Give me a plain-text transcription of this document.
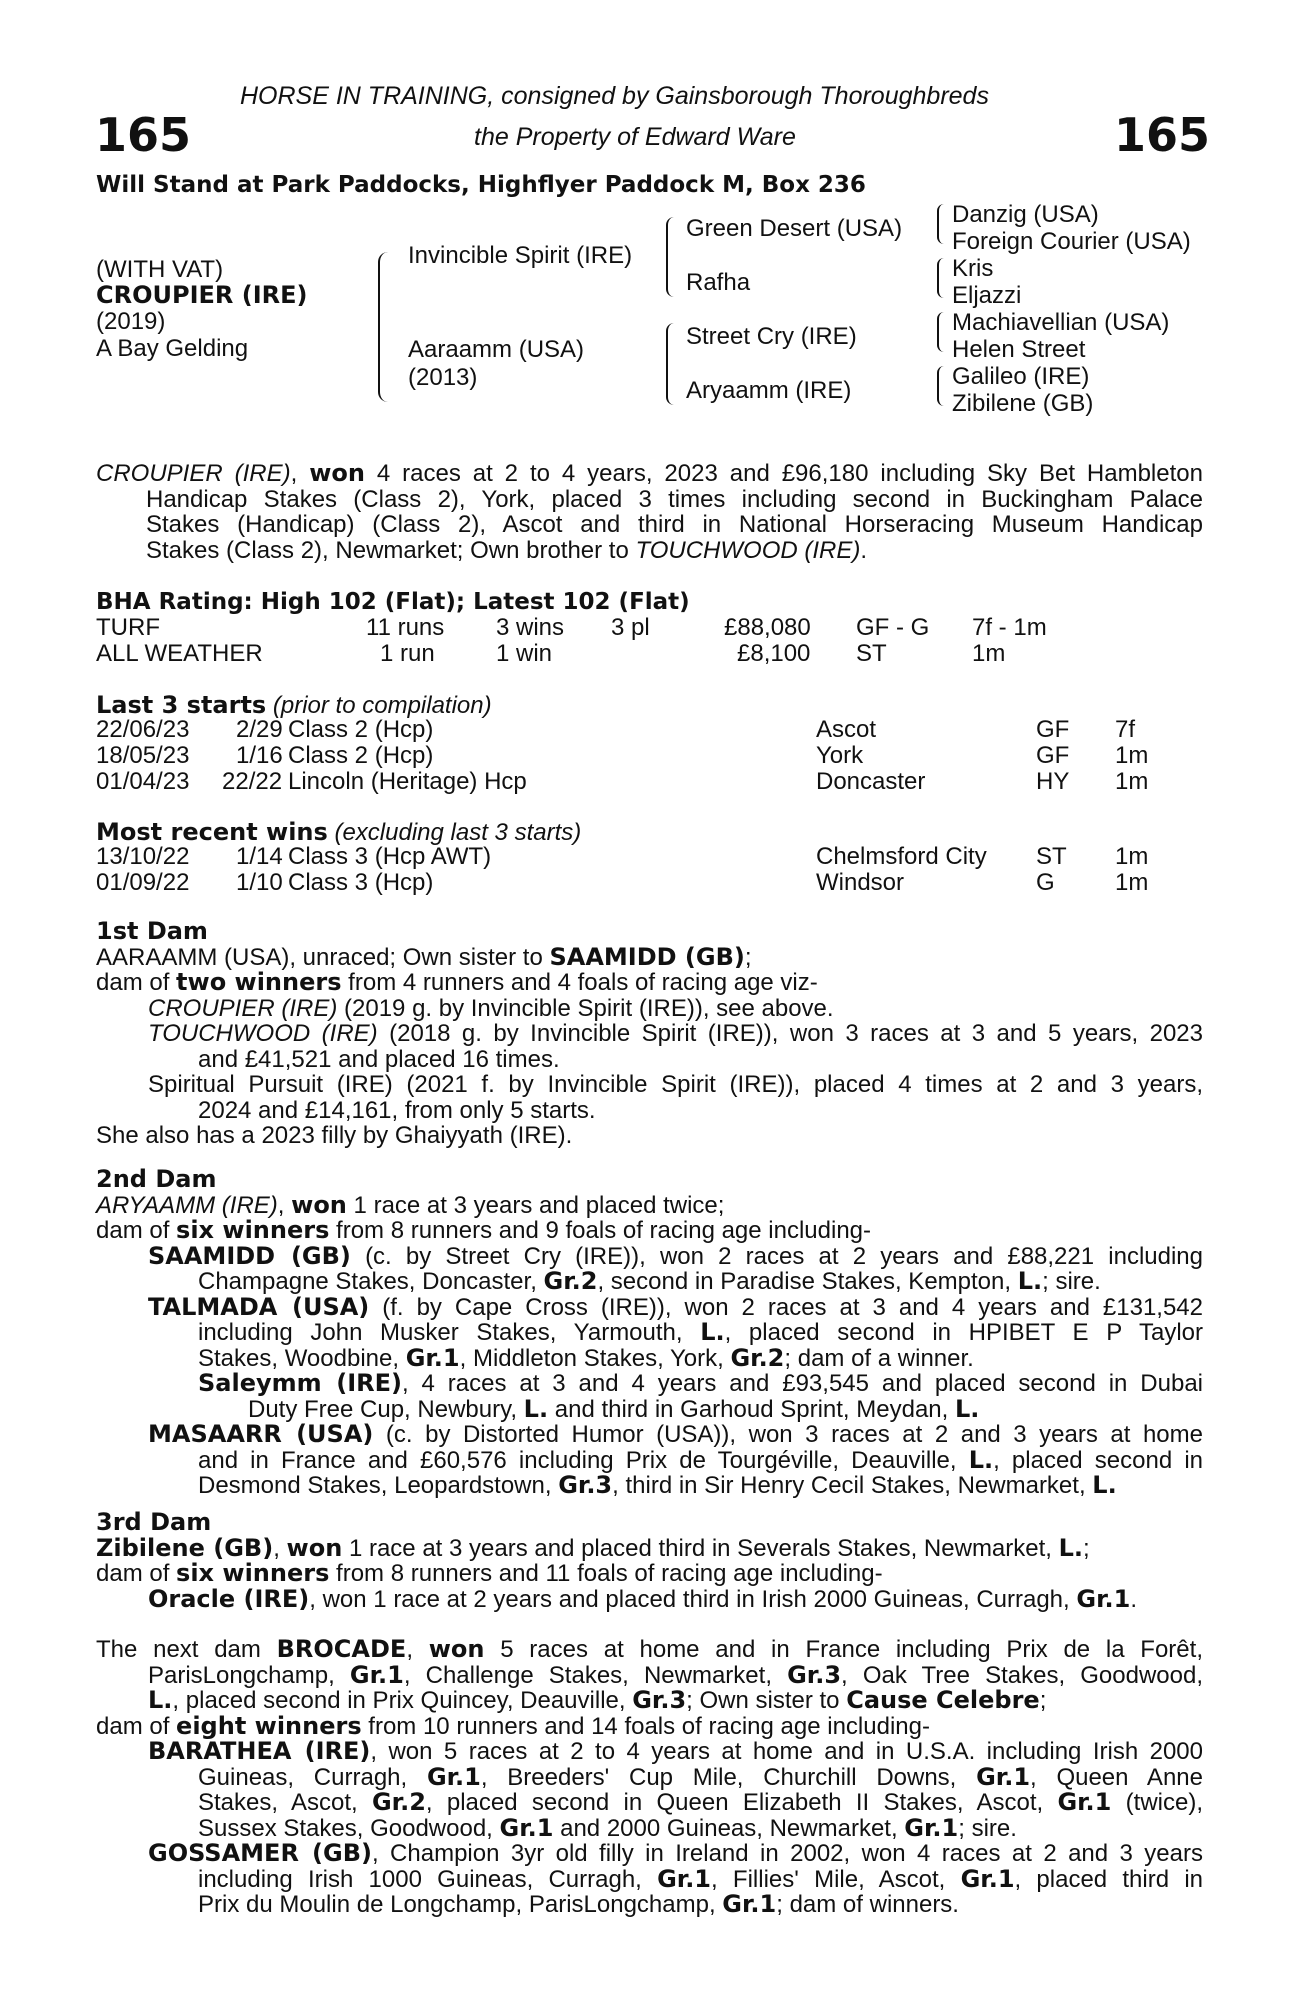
HORSE IN TRAINING, consigned by Gainsborough Thoroughbreds
165	the Property of Edward Ware	165
Will Stand at Park Paddocks, Highflyer Paddock M, Box 236
(WITH VAT)
CROUPIER (IRE)
(2019)
A Bay Gelding
Invincible Spirit (IRE)
Aaraamm (USA)
(2013)
Green Desert (USA)
Rafha
Street Cry (IRE)
Aryaamm (IRE)
Danzig (USA)
Foreign Courier (USA)
Kris
Eljazzi
Machiavellian (USA)
Helen Street
Galileo (IRE)
Zibilene (GB)
CROUPIER (IRE), won 4 races at 2 to 4 years, 2023 and £96,180 including Sky Bet Hambleton
Handicap Stakes (Class 2), York, placed 3 times including second in Buckingham Palace
Stakes (Handicap) (Class 2), Ascot and third in National Horseracing Museum Handicap
Stakes (Class 2), Newmarket; Own brother to TOUCHWOOD (IRE).
BHA Rating: High 102 (Flat); Latest 102 (Flat)
TURF	11 runs 3 wins 3 pl	£88,080 GF - G 7f - 1m
ALL WEATHER	1 run	1 win	£8,100 ST	1m
Last 3 starts (prior to compilation)
22/06/23 2/29 Class 2 (Hcp)	Ascot	GF 7f
18/05/23 1/16 Class 2 (Hcp)	York	GF 1m
01/04/23 22/22 Lincoln (Heritage) Hcp	Doncaster	HY 1m
Most recent wins (excluding last 3 starts)
13/10/22 1/14 Class 3 (Hcp AWT)	Chelmsford City ST 1m
01/09/22 1/10 Class 3 (Hcp)	Windsor	G	1m
1st Dam
AARAAMM (USA), unraced; Own sister to SAAMIDD (GB);
dam of two winners from 4 runners and 4 foals of racing age viz-
CROUPIER (IRE) (2019 g. by Invincible Spirit (IRE)), see above.
TOUCHWOOD (IRE) (2018 g. by Invincible Spirit (IRE)), won 3 races at 3 and 5 years, 2023
and £41,521 and placed 16 times.
Spiritual Pursuit (IRE) (2021 f. by Invincible Spirit (IRE)), placed 4 times at 2 and 3 years,
2024 and £14,161, from only 5 starts.
She also has a 2023 filly by Ghaiyyath (IRE).
2nd Dam
ARYAAMM (IRE), won 1 race at 3 years and placed twice;
dam of six winners from 8 runners and 9 foals of racing age including-
SAAMIDD (GB) (c. by Street Cry (IRE)), won 2 races at 2 years and £88,221 including
Champagne Stakes, Doncaster, Gr.2, second in Paradise Stakes, Kempton, L.; sire.
TALMADA (USA) (f. by Cape Cross (IRE)), won 2 races at 3 and 4 years and £131,542
including John Musker Stakes, Yarmouth, L., placed second in HPIBET E P Taylor
Stakes, Woodbine, Gr.1, Middleton Stakes, York, Gr.2; dam of a winner.
Saleymm (IRE), 4 races at 3 and 4 years and £93,545 and placed second in Dubai
Duty Free Cup, Newbury, L. and third in Garhoud Sprint, Meydan, L.
MASAARR (USA) (c. by Distorted Humor (USA)), won 3 races at 2 and 3 years at home
and in France and £60,576 including Prix de Tourgéville, Deauville, L., placed second in
Desmond Stakes, Leopardstown, Gr.3, third in Sir Henry Cecil Stakes, Newmarket, L.
3rd Dam
Zibilene (GB), won 1 race at 3 years and placed third in Severals Stakes, Newmarket, L.;
dam of six winners from 8 runners and 11 foals of racing age including-
Oracle (IRE), won 1 race at 2 years and placed third in Irish 2000 Guineas, Curragh, Gr.1.
The next dam BROCADE, won 5 races at home and in France including Prix de la Forêt,
ParisLongchamp, Gr.1, Challenge Stakes, Newmarket, Gr.3, Oak Tree Stakes, Goodwood,
L., placed second in Prix Quincey, Deauville, Gr.3; Own sister to Cause Celebre;
dam of eight winners from 10 runners and 14 foals of racing age including-
BARATHEA (IRE), won 5 races at 2 to 4 years at home and in U.S.A. including Irish 2000
Guineas, Curragh, Gr.1, Breeders' Cup Mile, Churchill Downs, Gr.1, Queen Anne
Stakes, Ascot, Gr.2, placed second in Queen Elizabeth II Stakes, Ascot, Gr.1 (twice),
Sussex Stakes, Goodwood, Gr.1 and 2000 Guineas, Newmarket, Gr.1; sire.
GOSSAMER (GB), Champion 3yr old filly in Ireland in 2002, won 4 races at 2 and 3 years
including Irish 1000 Guineas, Curragh, Gr.1, Fillies' Mile, Ascot, Gr.1, placed third in
Prix du Moulin de Longchamp, ParisLongchamp, Gr.1; dam of winners.
